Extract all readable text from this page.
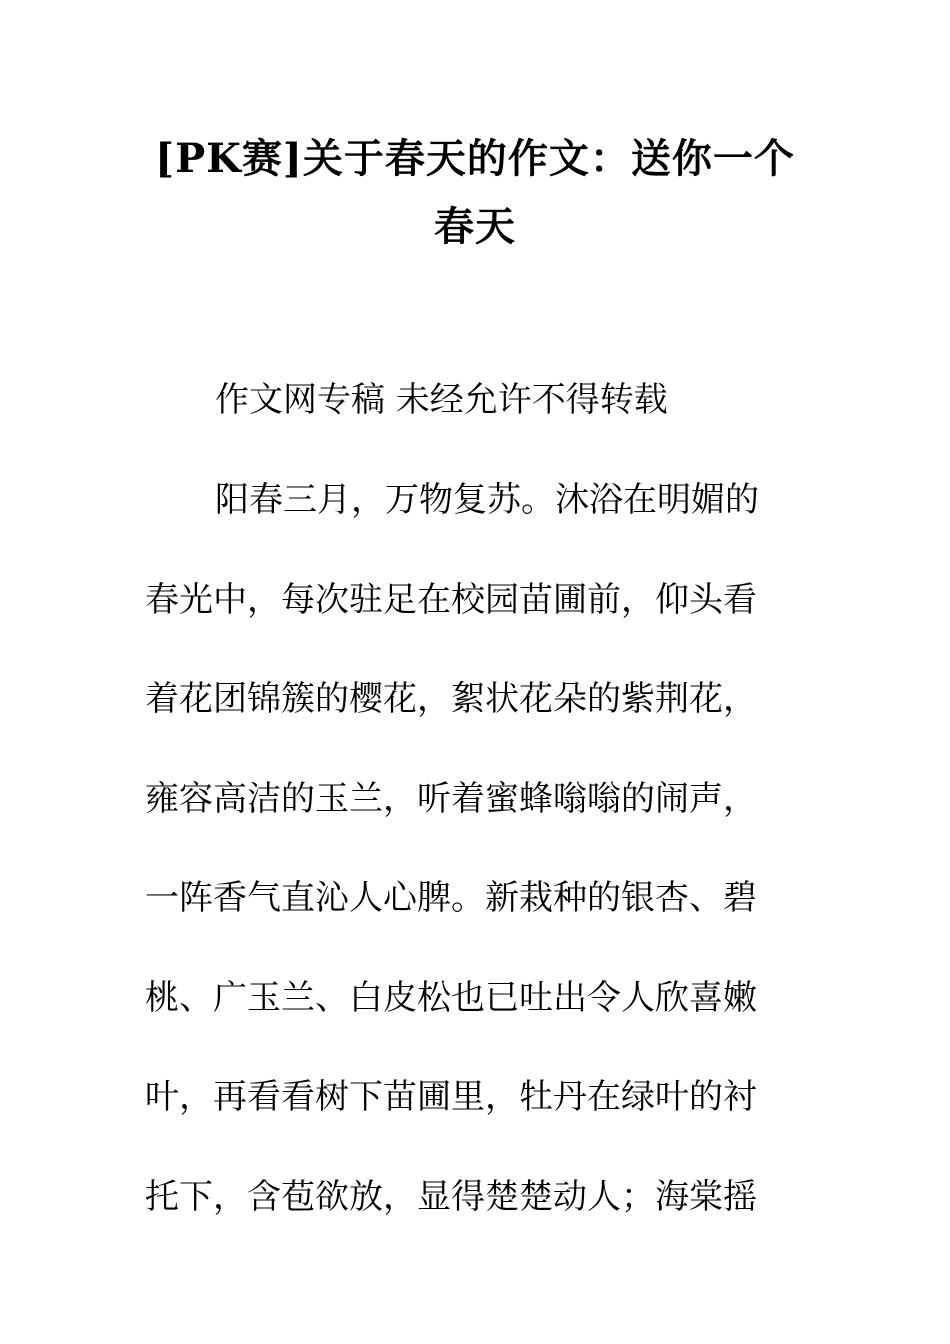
[PK赛]关于春天的作文：送你一个
春天
作文网专稿 未经允许不得转载
阳春三月，万物复苏。沐浴在明媚的
春光中，每次驻足在校园苗圃前，仰头看
着花团锦簇的樱花，絮状花朵的紫荆花，
雍容高洁的玉兰，听着蜜蜂嗡嗡的闹声，
一阵香气直沁人心脾。新栽种的银杏、碧
桃、广玉兰、白皮松也已吐出令人欣喜嫩
叶，再看看树下苗圃里，牡丹在绿叶的衬
托下，含苞欲放，显得楚楚动人；海棠摇
